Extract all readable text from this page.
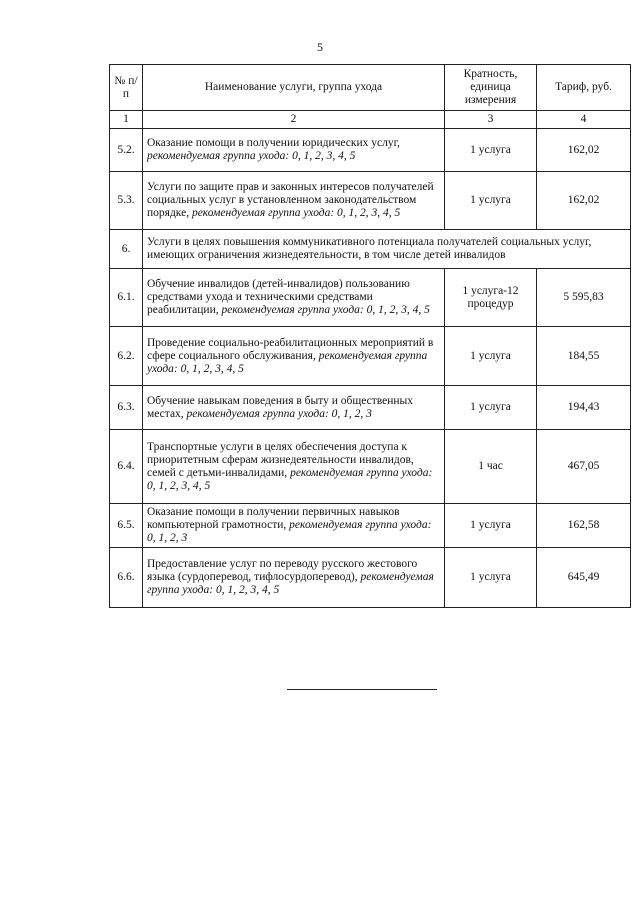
5
№ п/п	Наименование услуги, группа ухода	Кратность, единица измерения	Тариф, руб.
1	2	3	4
5.2.	Оказание помощи в получении юридических услуг, рекомендуемая группа ухода: 0, 1, 2, 3, 4, 5	1 услуга	162,02
5.3.	Услуги по защите прав и законных интересов получателей социальных услуг в установленном законодательством порядке, рекомендуемая группа ухода: 0, 1, 2, 3, 4, 5	1 услуга	162,02
6.	Услуги в целях повышения коммуникативного потенциала получателей социальных услуг, имеющих ограничения жизнедеятельности, в том числе детей инвалидов		
6.1.	Обучение инвалидов (детей-инвалидов) пользованию средствами ухода и техническими средствами реабилитации, рекомендуемая группа ухода: 0, 1, 2, 3, 4, 5	1 услуга-12 процедур	5 595,83
6.2.	Проведение социально-реабилитационных мероприятий в сфере социального обслуживания, рекомендуемая группа ухода: 0, 1, 2, 3, 4, 5	1 услуга	184,55
6.3.	Обучение навыкам поведения в быту и общественных местах, рекомендуемая группа ухода: 0, 1, 2, 3	1 услуга	194,43
6.4.	Транспортные услуги в целях обеспечения доступа к приоритетным сферам жизнедеятельности инвалидов, семей с детьми-инвалидами, рекомендуемая группа ухода: 0, 1, 2, 3, 4, 5	1 час	467,05
6.5.	Оказание помощи в получении первичных навыков компьютерной грамотности, рекомендуемая группа ухода: 0, 1, 2, 3	1 услуга	162,58
6.6.	Предоставление услуг по переводу русского жестового языка (сурдоперевод, тифлосурдоперевод), рекомендуемая группа ухода: 0, 1, 2, 3, 4, 5	1 услуга	645,49
